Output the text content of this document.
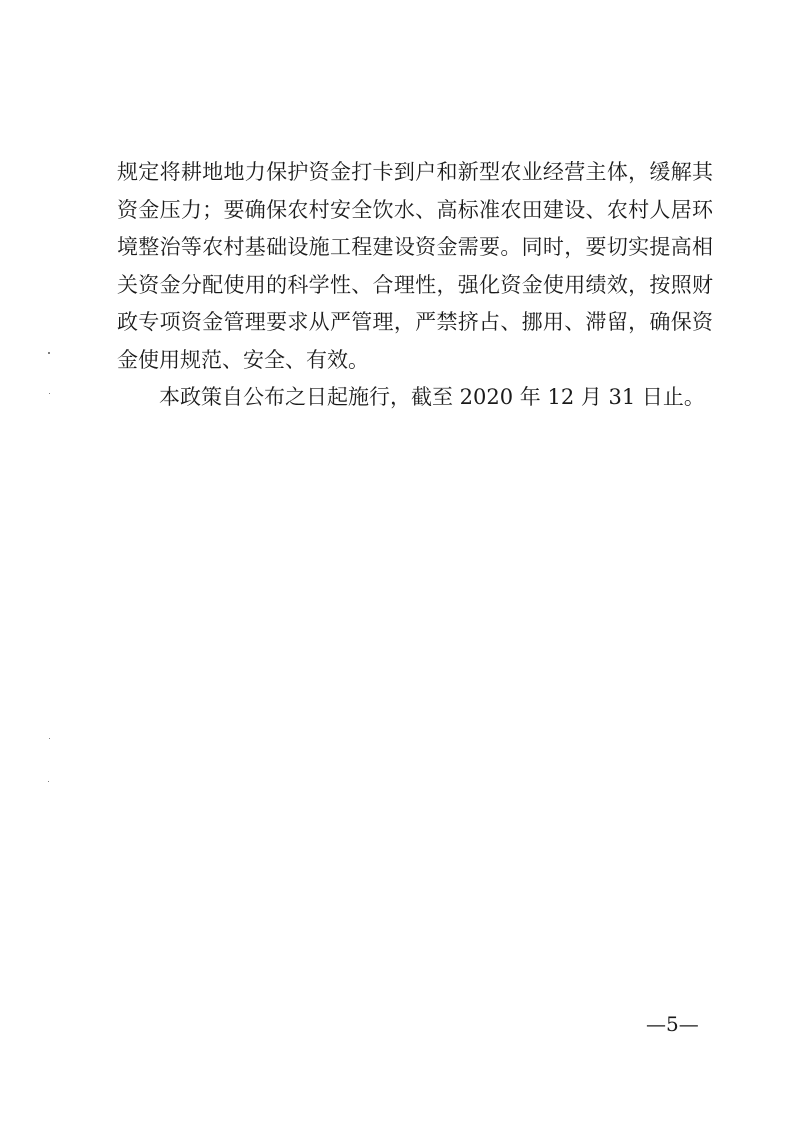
规定将耕地地力保护资金打卡到户和新型农业经营主体，缓解其
资金压力；要确保农村安全饮水、高标准农田建设、农村人居环
境整治等农村基础设施工程建设资金需要。同时，要切实提高相
关资金分配使用的科学性、合理性，强化资金使用绩效，按照财
政专项资金管理要求从严管理，严禁挤占、挪用、滞留，确保资
金使用规范、安全、有效。
本政策自公布之日起施行，截至 2020 年 12 月 31 日止。
—5—
